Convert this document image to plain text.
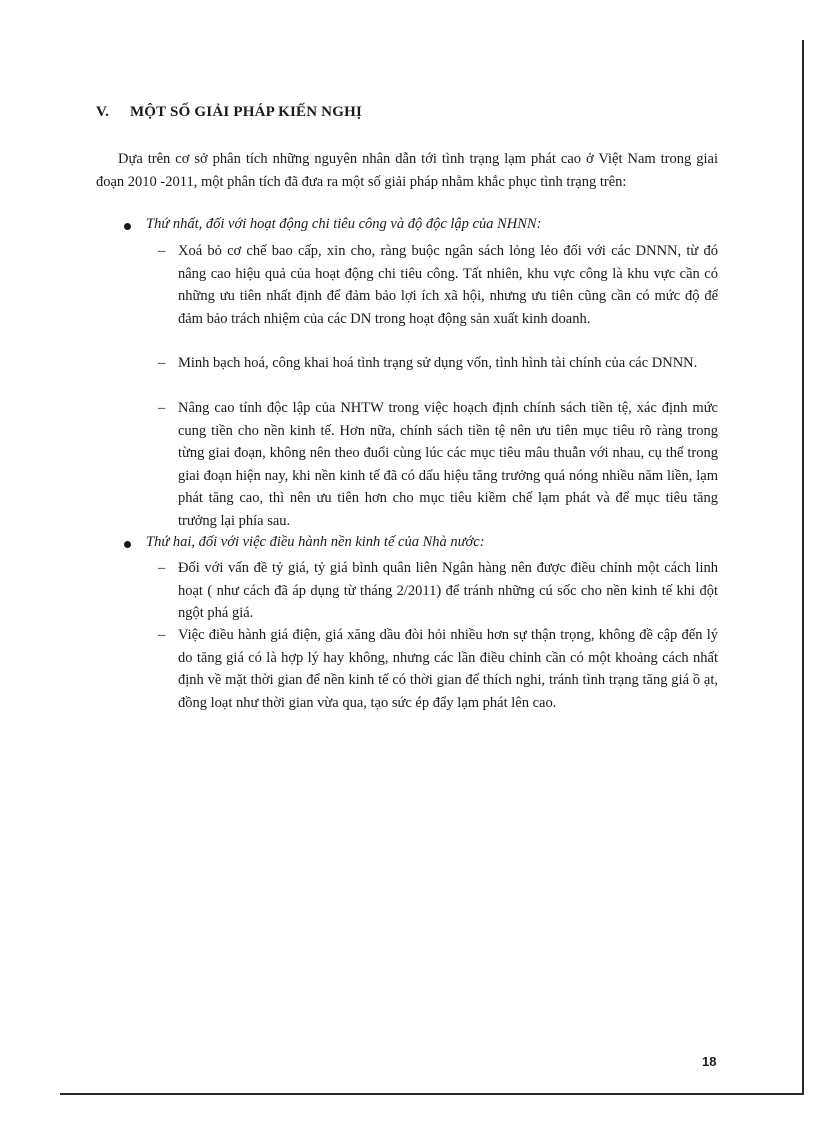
V. MỘT SỐ GIẢI PHÁP KIẾN NGHỊ
Dựa trên cơ sở phân tích những nguyên nhân dẫn tới tình trạng lạm phát cao ở Việt Nam trong giai đoạn 2010 -2011, một phân tích đã đưa ra một số giải pháp nhằm khắc phục tình trạng trên:
Thứ nhất, đối với hoạt động chi tiêu công và độ độc lập của NHNN:
– Xoá bỏ cơ chế bao cấp, xin cho, ràng buộc ngân sách lỏng lẻo đối với các DNNN, từ đó nâng cao hiệu quả của hoạt động chi tiêu công. Tất nhiên, khu vực công là khu vực cần có những ưu tiên nhất định để đảm bảo lợi ích xã hội, nhưng ưu tiên cũng cần có mức độ để đảm bảo trách nhiệm của các DN trong hoạt động sản xuất kinh doanh.
– Minh bạch hoá, công khai hoá tình trạng sử dụng vốn, tình hình tài chính của các DNNN.
– Nâng cao tính độc lập của NHTW trong việc hoạch định chính sách tiền tệ, xác định mức cung tiền cho nền kinh tế. Hơn nữa, chính sách tiền tệ nên ưu tiên mục tiêu rõ ràng trong từng giai đoạn, không nên theo đuổi cùng lúc các mục tiêu mâu thuẫn với nhau, cụ thể trong giai đoạn hiện nay, khi nền kinh tế đã có dấu hiệu tăng trưởng quá nóng nhiều năm liền, lạm phát tăng cao, thì nên ưu tiên hơn cho mục tiêu kiềm chế lạm phát và để mục tiêu tăng trưởng lại phía sau.
Thứ hai, đối với việc điều hành nền kinh tế của Nhà nước:
– Đối với vấn đề tỷ giá, tỷ giá bình quân liên Ngân hàng nên được điều chỉnh một cách linh hoạt ( như cách đã áp dụng từ tháng 2/2011) để tránh những cú sốc cho nền kinh tế khi đột ngột phá giá.
– Việc điều hành giá điện, giá xăng dầu đòi hỏi nhiều hơn sự thận trọng, không đề cập đến lý do tăng giá có là hợp lý hay không, nhưng các lần điều chỉnh cần có một khoảng cách nhất định về mặt thời gian để nền kinh tế có thời gian để thích nghi, tránh tình trạng tăng giá ồ ạt, đồng loạt như thời gian vừa qua, tạo sức ép đẩy lạm phát lên cao.
18
